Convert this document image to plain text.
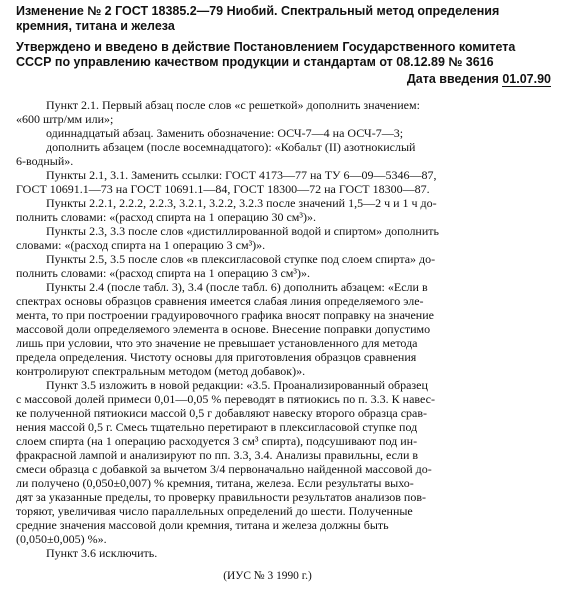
Изменение № 2 ГОСТ 18385.2—79 Ниобий. Спектральный метод определения
кремния, титана и железа
Утверждено и введено в действие Постановлением Государственного комитета
СССР по управлению качеством продукции и стандартам от 08.12.89 № 3616
Дата введения 01.07.90
Пункт 2.1. Первый абзац после слов «с решеткой» дополнить значением:
«600 штр/мм или»;
одиннадцатый абзац. Заменить обозначение: ОСЧ-7—4 на ОСЧ-7—3;
дополнить абзацем (после восемнадцатого): «Кобальт (II) азотнокислый
6-водный».
Пункты 2.1, 3.1. Заменить ссылки: ГОСТ 4173—77 на ТУ 6—09—5346—87,
ГОСТ 10691.1—73 на ГОСТ 10691.1—84, ГОСТ 18300—72 на ГОСТ 18300—87.
Пункты 2.2.1, 2.2.2, 2.2.3, 3.2.1, 3.2.2, 3.2.3 после значений 1,5—2 ч и 1 ч до-
полнить словами: «(расход спирта на 1 операцию 30 см³)».
Пункты 2.3, 3.3 после слов «дистиллированной водой и спиртом» дополнить
словами: «(расход спирта на 1 операцию 3 см³)».
Пункты 2.5, 3.5 после слов «в плексигласовой ступке под слоем спирта» до-
полнить словами: «(расход спирта на 1 операцию 3 см³)».
Пункты 2.4 (после табл. 3), 3.4 (после табл. 6) дополнить абзацем: «Если в
спектрах основы образцов сравнения имеется слабая линия определяемого эле-
мента, то при построении градуировочного графика вносят поправку на значение
массовой доли определяемого элемента в основе. Внесение поправки допустимо
лишь при условии, что это значение не превышает установленного для метода
предела определения. Чистоту основы для приготовления образцов сравнения
контролируют спектральным методом (метод добавок)».
Пункт 3.5 изложить в новой редакции: «3.5. Проанализированный образец
с массовой долей примеси 0,01—0,05 % переводят в пятиокись по п. 3.3. К навес-
ке полученной пятиокиси массой 0,5 г добавляют навеску второго образца срав-
нения массой 0,5 г. Смесь тщательно перетирают в плексигласовой ступке под
слоем спирта (на 1 операцию расходуется 3 см³ спирта), подсушивают под ин-
фракрасной лампой и анализируют по пп. 3.3, 3.4. Анализы правильны, если в
смеси образца с добавкой за вычетом 3/4 первоначально найденной массовой до-
ли получено (0,050±0,007) % кремния, титана, железа. Если результаты выхо-
дят за указанные пределы, то проверку правильности результатов анализов пов-
торяют, увеличивая число параллельных определений до шести. Полученные
средние значения массовой доли кремния, титана и железа должны быть
(0,050±0,005) %».
Пункт 3.6 исключить.
(ИУС № 3 1990 г.)
